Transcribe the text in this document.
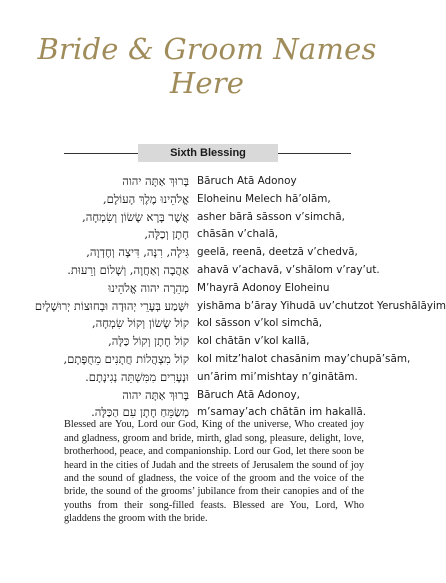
Bride & Groom Names Here
Sixth Blessing
בָּרוּךְ אַתָּה יהוה Bāruch Atā Adonoy
אֱלֹהֵינוּ מֶלֶךְ הָעוֹלָם, Eloheinu Melech hā’olām,
אֲשֶׁר בָּרָא שָׂשׂוֹן וְשִׂמְחָה, asher bārā sāsson v’simchā,
חָתָן וְכַלָּה, chāsān v’chalā,
גִּילָה, רִנָּה, דִּיצָה וְחֶדְוָה, geelā, reenā, deetzā v’chedvā,
אַהֲבָה וְאַחֲוָה, וְשָׁלוֹם וְרֵעוּת. ahavā v’achavā, v’shālom v’ray’ut.
מְהֵרָה יהוה אֱלֹהֵינוּ M’hayrā Adonoy Eloheinu
יִשָּׁמַע בְּעָרֵי יְהוּדָה וּבְחוּצוֹת יְרוּשָׁלָיִם yishāma b’āray Yihudā uv’chutzot Yerushālāyim
קוֹל שָׂשׂוֹן וְקוֹל שִׂמְחָה, kol sāsson v’kol simchā,
קוֹל חָתָן וְקוֹל כַּלָּה, kol chātān v’kol kallā,
קוֹל מִצְהֲלוֹת חֲתָנִים מֵחֻפָּתָם, kol mitz’halot chasānim may’chupā’sām,
וּנְעָרִים מִמִּשְׁתֵּה נְגִינָתָם. un’ārim mi’mishtay n’ginātām.
בָּרוּךְ אַתָּה יהוה Bāruch Atā Adonoy,
מְשַׂמֵּחַ חָתָן עִם הַכַּלָּה. m’samay’ach chātān im hakallā.

Blessed are You, Lord our God, King of the universe, Who created joy and gladness, groom and bride, mirth, glad song, pleasure, delight, love, brotherhood, peace, and companionship. Lord our God, let there soon be heard in the cities of Judah and the streets of Jerusalem the sound of joy and the sound of gladness, the voice of the groom and the voice of the bride, the sound of the grooms’ jubilance from their canopies and of the youths from their song-filled feasts. Blessed are You, Lord, Who gladdens the groom with the bride.
